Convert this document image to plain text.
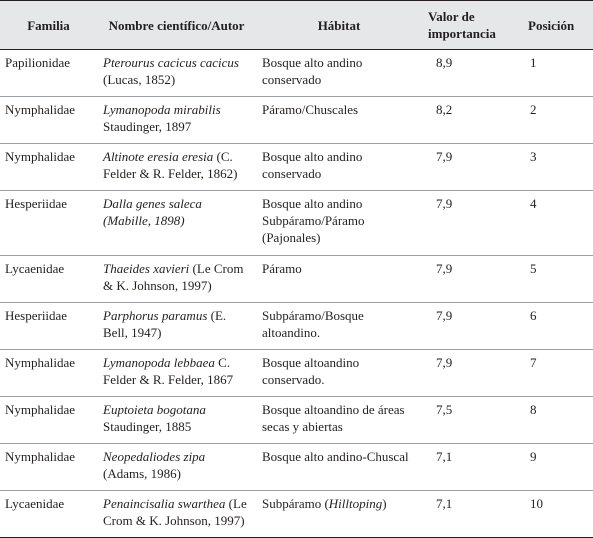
Familia	Nombre científico/Autor	Hábitat	Valor de importancia	Posición
Papilionidae	Pterourus cacicus cacicus (Lucas, 1852)	Bosque alto andino conservado	8,9	1
Nymphalidae	Lymanopoda mirabilis Staudinger, 1897	Páramo/Chuscales	8,2	2
Nymphalidae	Altinote eresia eresia (C. Felder & R. Felder, 1862)	Bosque alto andino conservado	7,9	3
Hesperiidae	Dalla genes saleca (Mabille, 1898)	Bosque alto andino Subpáramo/Páramo (Pajonales)	7,9	4
Lycaenidae	Thaeides xavieri (Le Crom & K. Johnson, 1997)	Páramo	7,9	5
Hesperiidae	Parphorus paramus (E. Bell, 1947)	Subpáramo/Bosque altoandino.	7,9	6
Nymphalidae	Lymanopoda lebbaea C. Felder & R. Felder, 1867	Bosque altoandino conservado.	7,9	7
Nymphalidae	Euptoieta bogotana Staudinger, 1885	Bosque altoandino de áreas secas y abiertas	7,5	8
Nymphalidae	Neopedaliodes zipa (Adams, 1986)	Bosque alto andino-Chuscal	7,1	9
Lycaenidae	Penaincisalia swarthea (Le Crom & K. Johnson, 1997)	Subpáramo (Hilltoping)	7,1	10
